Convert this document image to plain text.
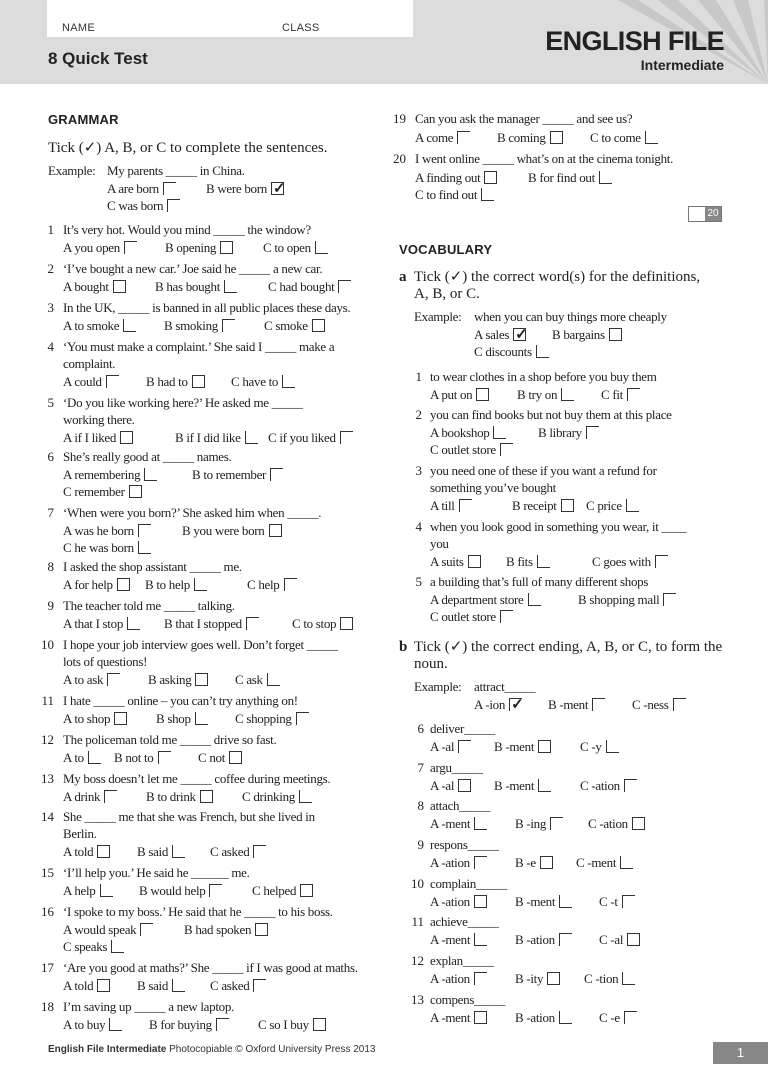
NAME	CLASS
8 Quick Test
ENGLISH FILE
Intermediate
GRAMMAR
Tick (✓) A, B, or C to complete the sentences.
Example: My parents _____ in China.
A are born	B were born ✓
C was born
1 It’s very hot. Would you mind _____ the window?
A you open	B opening	C to open
2 ‘I’ve bought a new car.’ Joe said he _____ a new car.
A bought	B has bought	C had bought
3 In the UK, _____ is banned in all public places these days.
A to smoke	B smoking	C smoke
4 ‘You must make a complaint.’ She said I _____ make a
complaint.
A could	B had to	C have to
5 ‘Do you like working here?’ He asked me _____
working there.
A if I liked	B if I did like	C if you liked
6 She’s really good at _____ names.
A remembering	B to remember
C remember
7 ‘When were you born?’ She asked him when _____.
A was he born	B you were born
C he was born
8 I asked the shop assistant _____ me.
A for help	B to help	C help
9 The teacher told me _____ talking.
A that I stop	B that I stopped	C to stop
10 I hope your job interview goes well. Don’t forget _____
lots of questions!
A to ask	B asking	C ask
11 I hate _____ online – you can’t try anything on!
A to shop	B shop	C shopping
12 The policeman told me _____ drive so fast.
A to	B not to	C not
13 My boss doesn’t let me _____ coffee during meetings.
A drink	B to drink	C drinking
14 She _____ me that she was French, but she lived in
Berlin.
A told	B said	C asked
15 ‘I’ll help you.’ He said he ______ me.
A help	B would help	C helped
16 ‘I spoke to my boss.’ He said that he _____ to his boss.
A would speak	B had spoken
C speaks
17 ‘Are you good at maths?’ She _____ if I was good at maths.
A told	B said	C asked
18 I’m saving up _____ a new laptop.
A to buy	B for buying	C so I buy
19 Can you ask the manager _____ and see us?
A come	B coming	C to come
20 I went online _____ what’s on at the cinema tonight.
A finding out	B for find out
C to find out
a Tick (✓) the correct word(s) for the definitions,
A, B, or C.
Example: when you can buy things more cheaply
A sales ✓ B bargains
C discounts
1 to wear clothes in a shop before you buy them
A put on	B try on	C fit
2 you can find books but not buy them at this place
A bookshop	B library
C outlet store
3 you need one of these if you want a refund for
something you’ve bought
A till	B receipt	C price
4 when you look good in something you wear, it ____
you
A suits	B fits	C goes with
5 a building that’s full of many different shops
A department store	B shopping mall
C outlet store
b Tick (✓) the correct ending, A, B, or C, to form the
noun.
Example: attract_____
A -ion ✓ B -ment	C -ness
6 deliver_____
A -al	B -ment	C -y
7 argu_____
A -al	B -ment	C -ation
8 attach_____
A -ment	B -ing	C -ation
9 respons_____
A -ation	B -e	C -ment
10 complain_____
A -ation	B -ment	C -t
11 achieve_____
A -ment	B -ation	C -al
12 explan_____
A -ation	B -ity	C -tion
13 compens_____
A -ment	B -ation	C -e
20
VOCABULARY
English File Intermediate Photocopiable © Oxford University Press 2013	1
